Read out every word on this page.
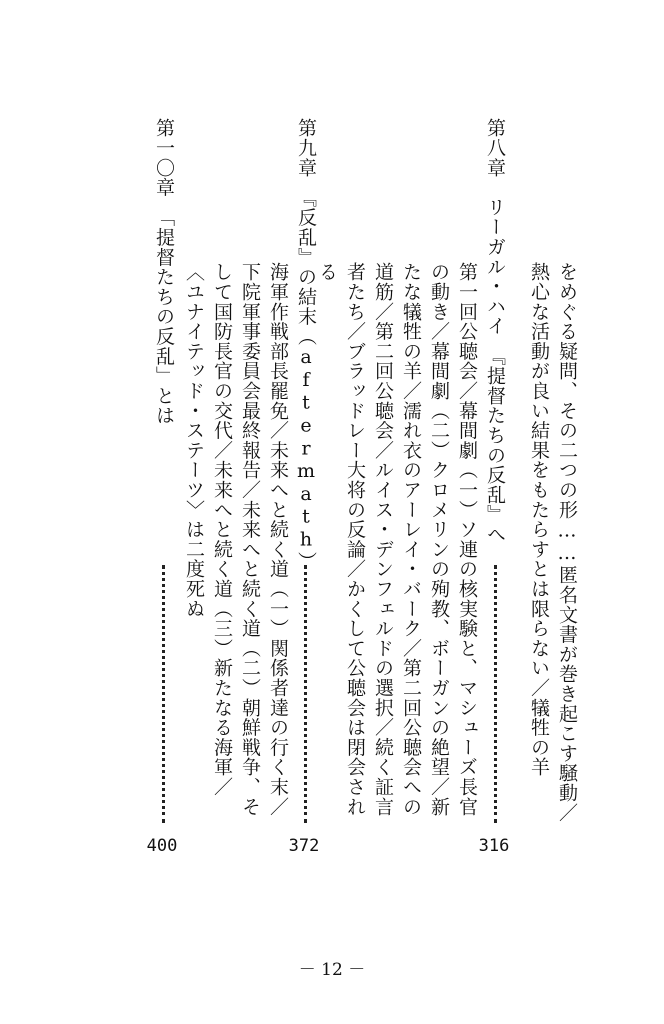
をめぐる疑問、その二つの形……匿名文書が巻き起こす騒動／
熱心な活動が良い結果をもたらすとは限らない／犠牲の羊
第八章　リーガル・ハイ　『提督たちの反乱』へ
第一回公聴会／幕間劇（一）ソ連の核実験と、マシューズ長官
の動き／幕間劇（二）クロメリンの殉教、ボーガンの絶望／新
たな犠牲の羊／濡れ衣のアーレイ・バーク／第二回公聴会への
道筋／第二回公聴会／ルイス・デンフェルドの選択／続く証言
者たち／ブラッドレー大将の反論／かくして公聴会は閉会され
る
316
第九章　『反乱』の結末（aftermath）
海軍作戦部長罷免／未来へと続く道（一）関係者達の行く末／
下院軍事委員会最終報告／未来へと続く道（二）朝鮮戦争、そ
して国防長官の交代／未来へと続く道（三）新たなる海軍／
〈ユナイテッド・ステーツ〉は二度死ぬ
372
第一〇章　「提督たちの反乱」とは
400
－ 12 －
